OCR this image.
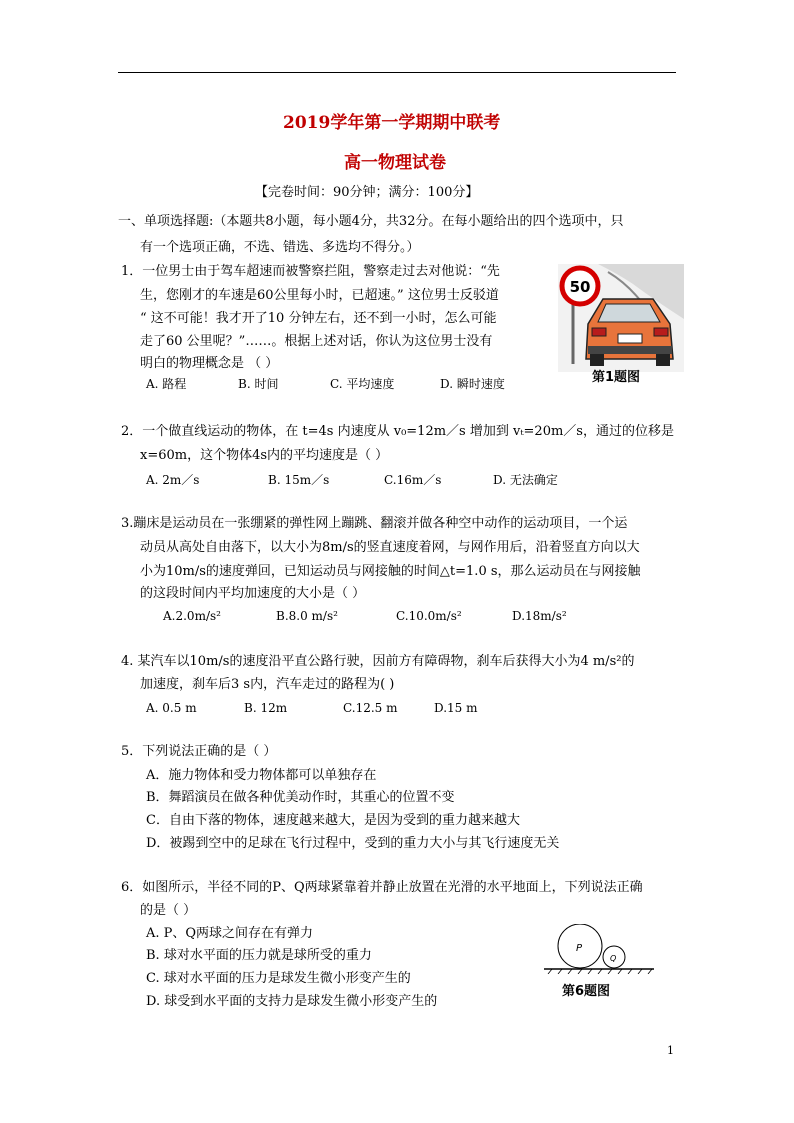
2019学年第一学期期中联考
高一物理试卷
【完卷时间：90分钟；满分：100分】
一、单项选择题:（本题共8小题，每小题4分，共32分。在每小题给出的四个选项中，只
有一个选项正确，不选、错选、多选均不得分。）
1．一位男士由于驾车超速而被警察拦阻，警察走过去对他说：“先
生，您刚才的车速是60公里每小时，已超速。” 这位男士反驳道
“ 这不可能！我才开了10 分钟左右，还不到一小时，怎么可能
走了60 公里呢？”……。根据上述对话，你认为这位男士没有
明白的物理概念是 （ ）
A. 路程	B. 时间	C. 平均速度	D. 瞬时速度
50
第1题图
2．一个做直线运动的物体，在 t=4s 内速度从 v₀=12m／s 增加到 vₜ=20m／s，通过的位移是
x=60m，这个物体4s内的平均速度是（ ）
A. 2m／s	B. 15m／s	C.16m／s	D. 无法确定
3.蹦床是运动员在一张绷紧的弹性网上蹦跳、翻滚并做各种空中动作的运动项目，一个运
动员从高处自由落下，以大小为8m/s的竖直速度着网，与网作用后，沿着竖直方向以大
小为10m/s的速度弹回，已知运动员与网接触的时间△t=1.0 s，那么运动员在与网接触
的这段时间内平均加速度的大小是（ ）
A.2.0m/s²	B.8.0 m/s²	C.10.0m/s²	D.18m/s²
4. 某汽车以10m/s的速度沿平直公路行驶，因前方有障碍物，刹车后获得大小为4 m/s²的
加速度，刹车后3 s内，汽车走过的路程为( )
A. 0.5 m	B. 12m	C.12.5 m	D.15 m
5．下列说法正确的是（ ）
A．施力物体和受力物体都可以单独存在
B．舞蹈演员在做各种优美动作时，其重心的位置不变
C．自由下落的物体，速度越来越大，是因为受到的重力越来越大
D．被踢到空中的足球在飞行过程中，受到的重力大小与其飞行速度无关
6．如图所示，半径不同的P、Q两球紧靠着并静止放置在光滑的水平地面上，下列说法正确
的是（ ）
A. P、Q两球之间存在有弹力
B. 球对水平面的压力就是球所受的重力
C. 球对水平面的压力是球发生微小形变产生的
D. 球受到水平面的支持力是球发生微小形变产生的
P
Q
第6题图
1
